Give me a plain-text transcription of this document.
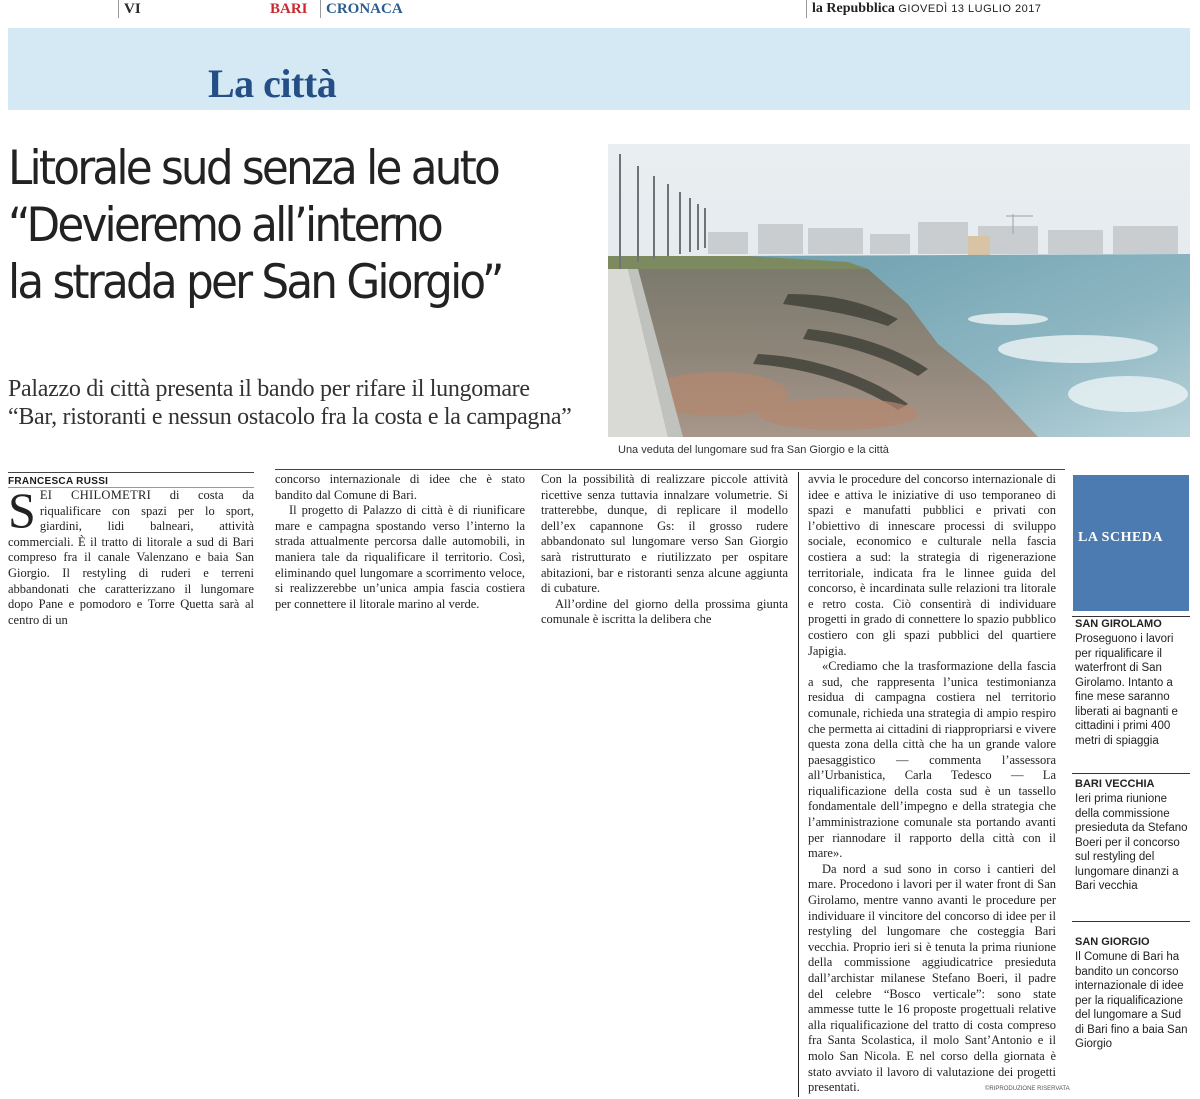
VI	BARI CRONACA	la Repubblica GIOVEDÌ 13 LUGLIO 2017
La città
Litorale sud senza le auto
“Devieremo all’interno
la strada per San Giorgio”
Palazzo di città presenta il bando per rifare il lungomare
“Bar, ristoranti e nessun ostacolo fra la costa e la campagna”
Una veduta del lungomare sud fra San Giorgio e la città
FRANCESCA RUSSI

SEI CHILOMETRI di costa da riqualificare con spazi per lo sport, giardini, lidi balneari, attività commerciali. È il tratto di litorale a sud di Bari compreso fra il canale Valenzano e baia San Giorgio. Il restyling di ruderi e terreni abbandonati che caratterizzano il lungomare dopo Pane e pomodoro e Torre Quetta sarà al centro di un

concorso internazionale di idee che è stato bandito dal Comune di Bari.

Il progetto di Palazzo di città è di riunificare mare e campagna spostando verso l’interno la strada attualmente percorsa dalle automobili, in maniera tale da riqualificare il territorio. Così, eliminando quel lungomare a scorrimento veloce, si realizzerebbe un’unica ampia fascia costiera per connettere il litorale marino al verde.

Con la possibilità di realizzare piccole attività ricettive senza tuttavia innalzare volumetrie. Si tratterebbe, dunque, di replicare il modello dell’ex capannone Gs: il grosso rudere abbandonato sul lungomare verso San Giorgio sarà ristrutturato e riutilizzato per ospitare abitazioni, bar e ristoranti senza alcune aggiunta di cubature.

All’ordine del giorno della prossima giunta comunale è iscritta la delibera che

avvia le procedure del concorso internazionale di idee e attiva le iniziative di uso temporaneo di spazi e manufatti pubblici e privati con l’obiettivo di innescare processi di sviluppo sociale, economico e culturale nella fascia costiera a sud: la strategia di rigenerazione territoriale, indicata fra le linnee guida del concorso, è incardinata sulle relazioni tra litorale e retro costa. Ciò consentirà di individuare progetti in grado di connettere lo spazio pubblico costiero con gli spazi pubblici del quartiere Japigia.

«Crediamo che la trasformazione della fascia a sud, che rappresenta l’unica testimonianza residua di campagna costiera nel territorio comunale, richieda una strategia di ampio respiro che permetta ai cittadini di riappropriarsi e vivere questa zona della città che ha un grande valore paesaggistico — commenta l’assessora all’Urbanistica, Carla Tedesco — La riqualificazione della costa sud è un tassello fondamentale dell’impegno e della strategia che l’amministrazione comunale sta portando avanti per riannodare il rapporto della città con il mare».

Da nord a sud sono in corso i cantieri del mare. Procedono i lavori per il water front di San Girolamo, mentre vanno avanti le procedure per individuare il vincitore del concorso di idee per il restyling del lungomare che costeggia Bari vecchia. Proprio ieri si è tenuta la prima riunione della commissione aggiudicatrice presieduta dall’archistar milanese Stefano Boeri, il padre del celebre “Bosco verticale”: sono state ammesse tutte le 16 proposte progettuali relative alla riqualificazione del tratto di costa compreso fra Santa Scolastica, il molo Sant’Antonio e il molo San Nicola. E nel corso della giornata è stato avviato il lavoro di valutazione dei progetti presentati.	©RIPRODUZIONE RISERVATA
LA SCHEDA
SAN GIROLAMO
Proseguono i lavori per riqualificare il waterfront di San Girolamo. Intanto a fine mese saranno liberati ai bagnanti e cittadini i primi 400 metri di spiaggia
BARI VECCHIA
Ieri prima riunione della commissione presieduta da Stefano Boeri per il concorso sul restyling del lungomare dinanzi a Bari vecchia
SAN GIORGIO
Il Comune di Bari ha bandito un concorso internazionale di idee per la riqualificazione del lungomare a Sud di Bari fino a baia San Giorgio
